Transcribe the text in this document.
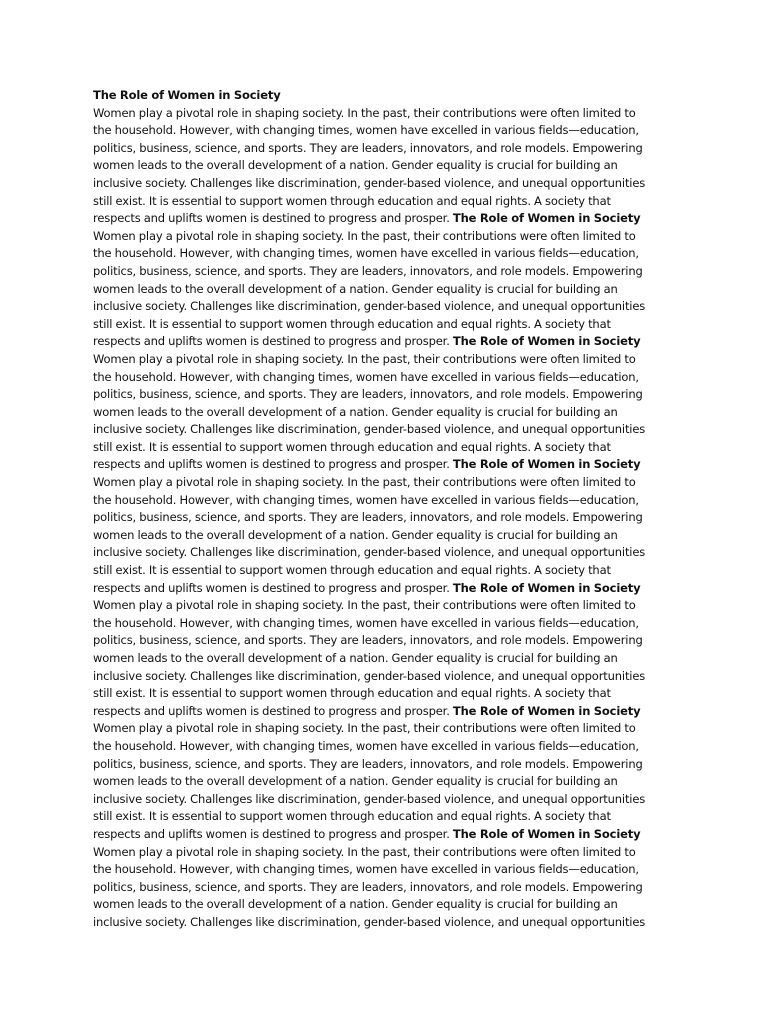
The Role of Women in Society
Women play a pivotal role in shaping society. In the past, their contributions were often limited to
the household. However, with changing times, women have excelled in various fields—education,
politics, business, science, and sports. They are leaders, innovators, and role models. Empowering
women leads to the overall development of a nation. Gender equality is crucial for building an
inclusive society. Challenges like discrimination, gender-based violence, and unequal opportunities
still exist. It is essential to support women through education and equal rights. A society that
respects and uplifts women is destined to progress and prosper. The Role of Women in Society
Women play a pivotal role in shaping society. In the past, their contributions were often limited to
the household. However, with changing times, women have excelled in various fields—education,
politics, business, science, and sports. They are leaders, innovators, and role models. Empowering
women leads to the overall development of a nation. Gender equality is crucial for building an
inclusive society. Challenges like discrimination, gender-based violence, and unequal opportunities
still exist. It is essential to support women through education and equal rights. A society that
respects and uplifts women is destined to progress and prosper. The Role of Women in Society
Women play a pivotal role in shaping society. In the past, their contributions were often limited to
the household. However, with changing times, women have excelled in various fields—education,
politics, business, science, and sports. They are leaders, innovators, and role models. Empowering
women leads to the overall development of a nation. Gender equality is crucial for building an
inclusive society. Challenges like discrimination, gender-based violence, and unequal opportunities
still exist. It is essential to support women through education and equal rights. A society that
respects and uplifts women is destined to progress and prosper. The Role of Women in Society
Women play a pivotal role in shaping society. In the past, their contributions were often limited to
the household. However, with changing times, women have excelled in various fields—education,
politics, business, science, and sports. They are leaders, innovators, and role models. Empowering
women leads to the overall development of a nation. Gender equality is crucial for building an
inclusive society. Challenges like discrimination, gender-based violence, and unequal opportunities
still exist. It is essential to support women through education and equal rights. A society that
respects and uplifts women is destined to progress and prosper. The Role of Women in Society
Women play a pivotal role in shaping society. In the past, their contributions were often limited to
the household. However, with changing times, women have excelled in various fields—education,
politics, business, science, and sports. They are leaders, innovators, and role models. Empowering
women leads to the overall development of a nation. Gender equality is crucial for building an
inclusive society. Challenges like discrimination, gender-based violence, and unequal opportunities
still exist. It is essential to support women through education and equal rights. A society that
respects and uplifts women is destined to progress and prosper. The Role of Women in Society
Women play a pivotal role in shaping society. In the past, their contributions were often limited to
the household. However, with changing times, women have excelled in various fields—education,
politics, business, science, and sports. They are leaders, innovators, and role models. Empowering
women leads to the overall development of a nation. Gender equality is crucial for building an
inclusive society. Challenges like discrimination, gender-based violence, and unequal opportunities
still exist. It is essential to support women through education and equal rights. A society that
respects and uplifts women is destined to progress and prosper. The Role of Women in Society
Women play a pivotal role in shaping society. In the past, their contributions were often limited to
the household. However, with changing times, women have excelled in various fields—education,
politics, business, science, and sports. They are leaders, innovators, and role models. Empowering
women leads to the overall development of a nation. Gender equality is crucial for building an
inclusive society. Challenges like discrimination, gender-based violence, and unequal opportunities
